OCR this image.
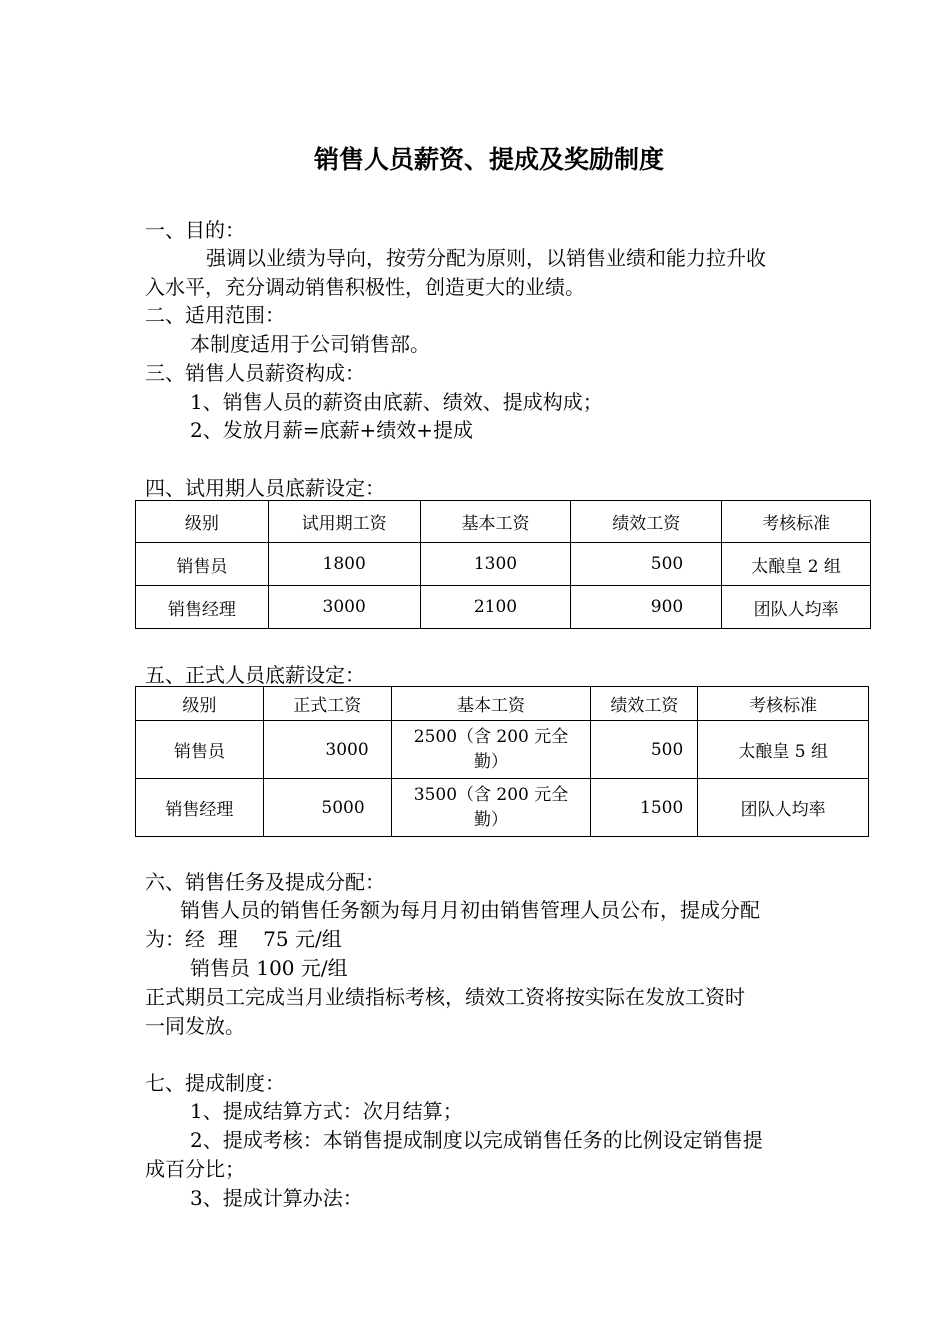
销售人员薪资、提成及奖励制度
一、目的：
强调以业绩为导向，按劳分配为原则，以销售业绩和能力拉升收
入水平，充分调动销售积极性，创造更大的业绩。
二、适用范围：
本制度适用于公司销售部。
三、销售人员薪资构成：
1、销售人员的薪资由底薪、绩效、提成构成；
2、发放月薪=底薪+绩效+提成
四、试用期人员底薪设定：
级别	试用期工资	基本工资	绩效工资	考核标准
销售员	1800	1300	500	太酿皇 2 组
销售经理	3000	2100	900	团队人均率
五、正式人员底薪设定：
级别	正式工资	基本工资	绩效工资	考核标准
销售员	3000	2500（含 200 元全勤）	500	太酿皇 5 组
销售经理	5000	3500（含 200 元全勤）	1500	团队人均率
六、销售任务及提成分配：
销售人员的销售任务额为每月月初由销售管理人员公布，提成分配
为：经  理    75 元/组
销售员 100 元/组
正式期员工完成当月业绩指标考核，绩效工资将按实际在发放工资时
一同发放。
七、提成制度：
1、提成结算方式：次月结算；
2、提成考核：本销售提成制度以完成销售任务的比例设定销售提
成百分比；
3、提成计算办法：
